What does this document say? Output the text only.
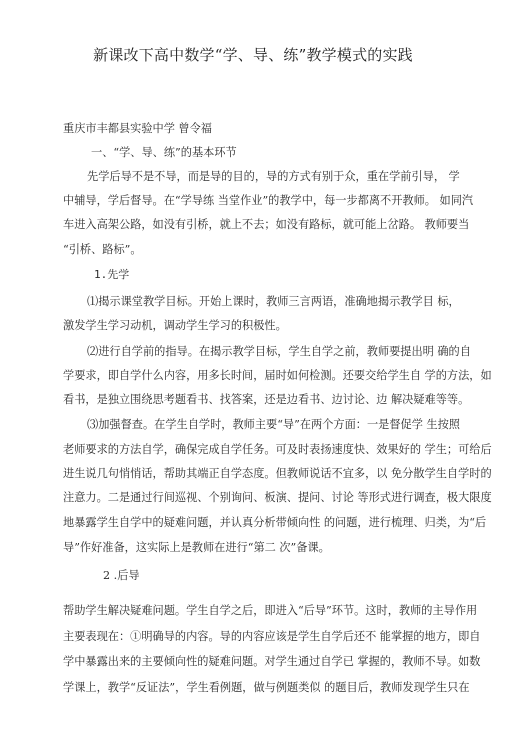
新课改下高中数学“学、导、练”教学模式的实践
重庆市丰都县实验中学 曾令福
一、“学、导、练”的基本环节
先学后导不是不导，而是导的目的，导的方式有别于众，重在学前引导， 学
中辅导，学后督导。在“学导练 当堂作业”的教学中，每一步都离不开教师。 如同汽
车进入高架公路，如没有引桥，就上不去；如没有路标，就可能上岔路。 教师要当
“引桥、路标”。
1.先学
⑴揭示课堂教学目标。开始上课时，教师三言两语，准确地揭示教学目 标，
激发学生学习动机，调动学生学习的积极性。
⑵进行自学前的指导。在揭示教学目标，学生自学之前，教师要提出明 确的自
学要求，即自学什么内容，用多长时间，届时如何检测。还要交给学生自 学的方法，如
看书，是独立围绕思考题看书、找答案，还是边看书、边讨论、边 解决疑难等等。
⑶加强督查。在学生自学时，教师主要“导”在两个方面：一是督促学 生按照
老师要求的方法自学，确保完成自学任务。可及时表扬速度快、效果好的 学生；可给后
进生说几句悄悄话，帮助其端正自学态度。但教师说话不宜多，以 免分散学生自学时的
注意力。二是通过行间巡视、个别询问、板演、提问、讨论 等形式进行调查，极大限度
地暴露学生自学中的疑难问题，并认真分析带倾向性 的问题，进行梳理、归类，为“后
导”作好准备，这实际上是教师在进行“第二 次”备课。
2 .后导
帮助学生解决疑难问题。学生自学之后，即进入“后导”环节。这时，教师的主导作用
主要表现在：①明确导的内容。导的内容应该是学生自学后还不 能掌握的地方，即自
学中暴露出来的主要倾向性的疑难问题。对学生通过自学已 掌握的，教师不导。如数
学课上，教学“反证法”，学生看例题，做与例题类似 的题目后，教师发现学生只在
